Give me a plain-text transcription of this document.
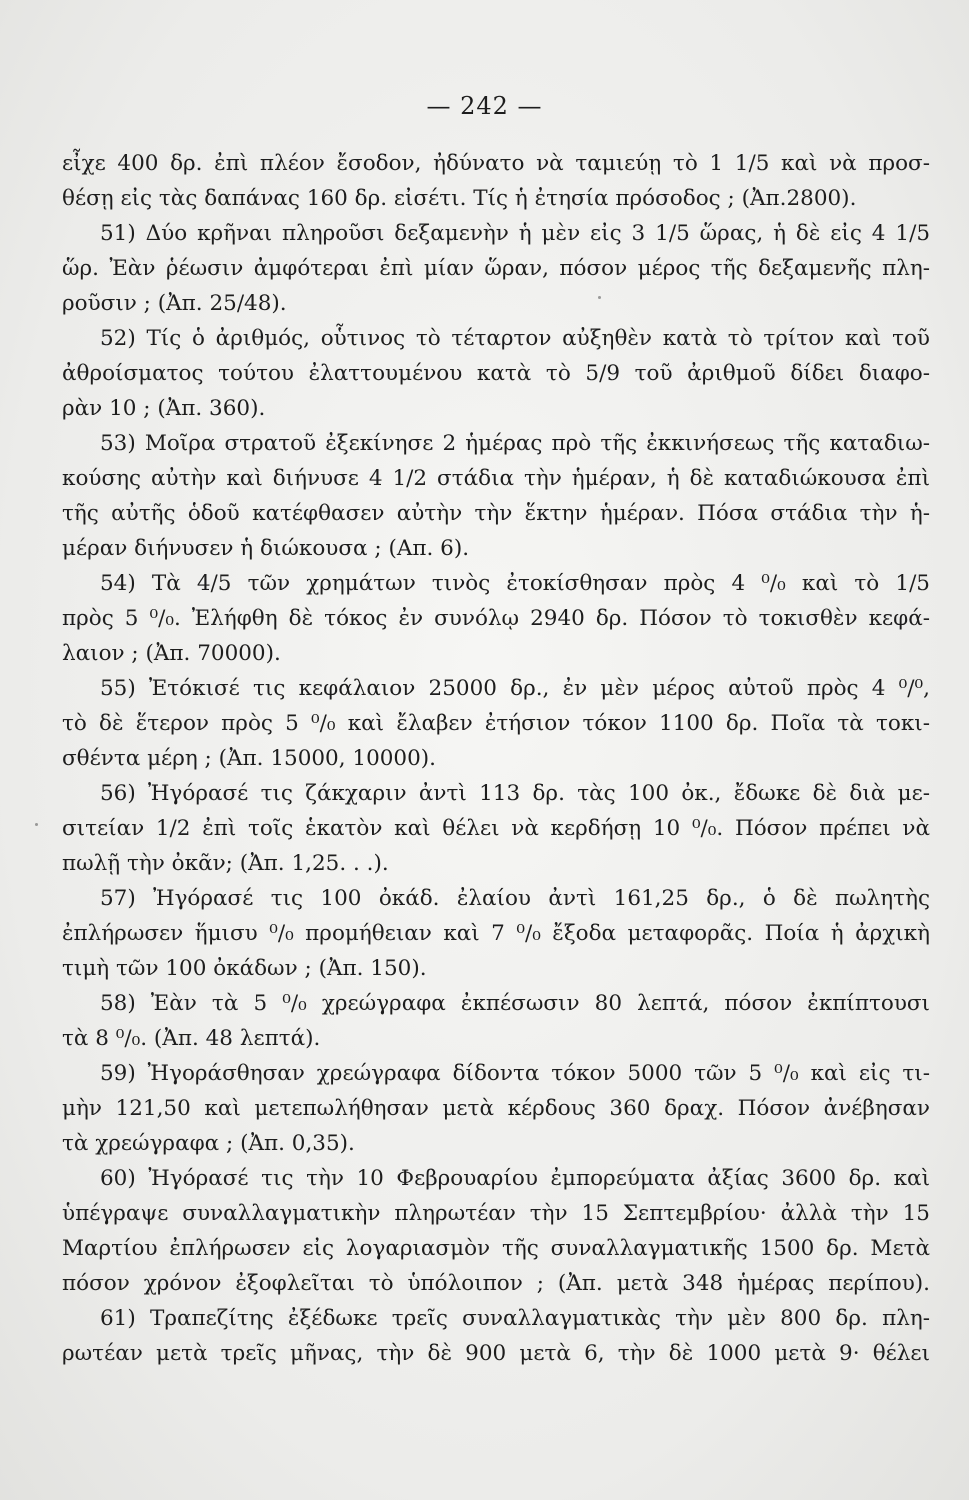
— 242 —
εἶχε 400 δρ. ἐπὶ πλέον ἔσοδον, ἠδύνατο νὰ ταμιεύῃ τὸ 1 1/5 καὶ νὰ προσ-
θέσῃ εἰς τὰς δαπάνας 160 δρ. εἰσέτι. Τίς ἡ ἐτησία πρόσοδος ; (Ἀπ.2800).
51) Δύο κρῆναι πληροῦσι δεξαμενὴν ἡ μὲν εἰς 3 1/5 ὥρας, ἡ δὲ εἰς 4 1/5
ὥρ. Ἐὰν ῥέωσιν ἀμφότεραι ἐπὶ μίαν ὥραν, πόσον μέρος τῆς δεξαμενῆς πλη-
ροῦσιν ; (Ἀπ. 25/48).
52) Τίς ὁ ἀριθμός, οὗτινος τὸ τέταρτον αὐξηθὲν κατὰ τὸ τρίτον καὶ τοῦ
ἀθροίσματος τούτου ἐλαττουμένου κατὰ τὸ 5/9 τοῦ ἀριθμοῦ δίδει διαφο-
ρὰν 10 ; (Ἀπ. 360).
53) Μοῖρα στρατοῦ ἐξεκίνησε 2 ἡμέρας πρὸ τῆς ἐκκινήσεως τῆς καταδιω-
κούσης αὐτὴν καὶ διήνυσε 4 1/2 στάδια τὴν ἡμέραν, ἡ δὲ καταδιώκουσα ἐπὶ
τῆς αὐτῆς ὁδοῦ κατέφθασεν αὐτὴν τὴν ἕκτην ἡμέραν. Πόσα στάδια τὴν ἡ-
μέραν διήνυσεν ἡ διώκουσα ; (Απ. 6).
54) Τὰ 4/5 τῶν χρημάτων τινὸς ἐτοκίσθησαν πρὸς 4 ⁰/₀ καὶ τὸ 1/5
πρὸς 5 ⁰/₀. Ἐλήφθη δὲ τόκος ἐν συνόλῳ 2940 δρ. Πόσον τὸ τοκισθὲν κεφά-
λαιον ; (Ἀπ. 70000).
55) Ἐτόκισέ τις κεφάλαιον 25000 δρ., ἐν μὲν μέρος αὐτοῦ πρὸς 4 ⁰/⁰,
τὸ δὲ ἕτερον πρὸς 5 ⁰/₀ καὶ ἔλαβεν ἐτήσιον τόκον 1100 δρ. Ποῖα τὰ τοκι-
σθέντα μέρη ; (Ἀπ. 15000, 10000).
56) Ἠγόρασέ τις ζάκχαριν ἀντὶ 113 δρ. τὰς 100 ὀκ., ἔδωκε δὲ διὰ με-
σιτείαν 1/2 ἐπὶ τοῖς ἑκατὸν καὶ θέλει νὰ κερδήσῃ 10 ⁰/₀. Πόσον πρέπει νὰ
πωλῇ τὴν ὀκᾶν; (Ἀπ. 1,25. . .).
57) Ἠγόρασέ τις 100 ὀκάδ. ἐλαίου ἀντὶ 161,25 δρ., ὁ δὲ πωλητὴς
ἐπλήρωσεν ἥμισυ ⁰/₀ προμήθειαν καὶ 7 ⁰/₀ ἔξοδα μεταφορᾶς. Ποία ἡ ἀρχικὴ
τιμὴ τῶν 100 ὀκάδων ; (Ἀπ. 150).
58) Ἐὰν τὰ 5 ⁰/₀ χρεώγραφα ἐκπέσωσιν 80 λεπτά, πόσον ἐκπίπτουσι
τὰ 8 ⁰/₀. (Ἀπ. 48 λεπτά).
59) Ἠγοράσθησαν χρεώγραφα δίδοντα τόκον 5000 τῶν 5 ⁰/₀ καὶ εἰς τι-
μὴν 121,50 καὶ μετεπωλήθησαν μετὰ κέρδους 360 δραχ. Πόσον ἀνέβησαν
τὰ χρεώγραφα ; (Ἀπ. 0,35).
60) Ἠγόρασέ τις τὴν 10 Φεβρουαρίου ἐμπορεύματα ἀξίας 3600 δρ. καὶ
ὑπέγραψε συναλλαγματικὴν πληρωτέαν τὴν 15 Σεπτεμβρίου· ἀλλὰ τὴν 15
Μαρτίου ἐπλήρωσεν εἰς λογαριασμὸν τῆς συναλλαγματικῆς 1500 δρ. Μετὰ
πόσον χρόνον ἐξοφλεῖται τὸ ὑπόλοιπον ; (Ἀπ. μετὰ 348 ἡμέρας περίπου).
61) Τραπεζίτης ἐξέδωκε τρεῖς συναλλαγματικὰς τὴν μὲν 800 δρ. πλη-
ρωτέαν μετὰ τρεῖς μῆνας, τὴν δὲ 900 μετὰ 6, τὴν δὲ 1000 μετὰ 9· θέλει
